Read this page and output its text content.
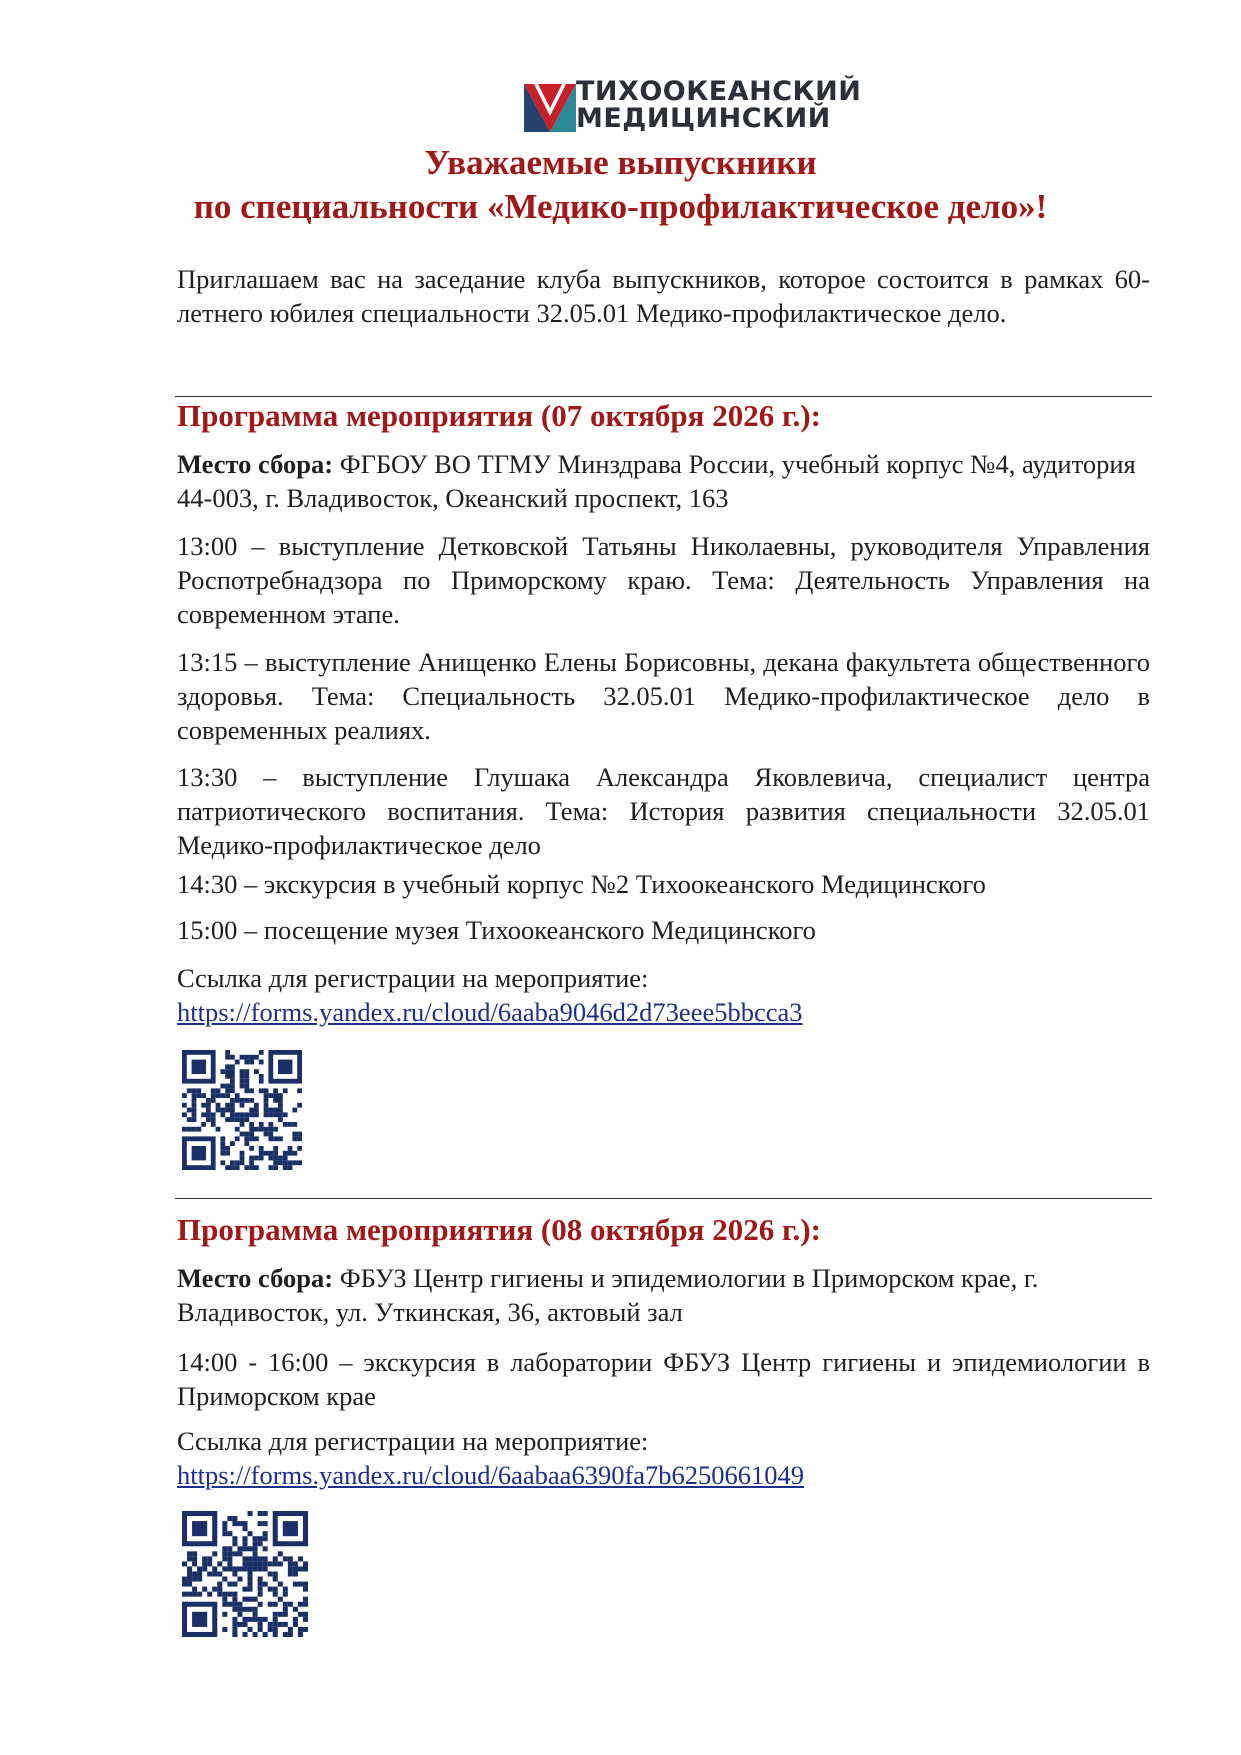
ТИХООКЕАНСКИЙ
МЕДИЦИНСКИЙ
Уважаемые выпускники
по специальности «Медико-профилактическое дело»!
Приглашаем вас на заседание клуба выпускников, которое состоится в рамках 60-летнего юбилея специальности 32.05.01 Медико-профилактическое дело.
Программа мероприятия (07 октября 2026 г.):
Место сбора: ФГБОУ ВО ТГМУ Минздрава России, учебный корпус №4, аудитория 44-003, г. Владивосток, Океанский проспект, 163
13:00 – выступление Детковской Татьяны Николаевны, руководителя Управления Роспотребнадзора по Приморскому краю. Тема: Деятельность Управления на современном этапе.
13:15 – выступление Анищенко Елены Борисовны, декана факультета общественного здоровья. Тема: Специальность 32.05.01 Медико-профилактическое дело в современных реалиях.
13:30 – выступление Глушака Александра Яковлевича, специалист центра патриотического воспитания. Тема: История развития специальности 32.05.01 Медико-профилактическое дело
14:30 – экскурсия в учебный корпус №2 Тихоокеанского Медицинского
15:00 – посещение музея Тихоокеанского Медицинского
Ссылка для регистрации на мероприятие:
https://forms.yandex.ru/cloud/6aaba9046d2d73eee5bbcca3
Программа мероприятия (08 октября 2026 г.):
Место сбора: ФБУЗ Центр гигиены и эпидемиологии в Приморском крае, г. Владивосток, ул. Уткинская, 36, актовый зал
14:00 - 16:00 – экскурсия в лаборатории ФБУЗ Центр гигиены и эпидемиологии в Приморском крае
Ссылка для регистрации на мероприятие:
https://forms.yandex.ru/cloud/6aabaa6390fa7b6250661049
